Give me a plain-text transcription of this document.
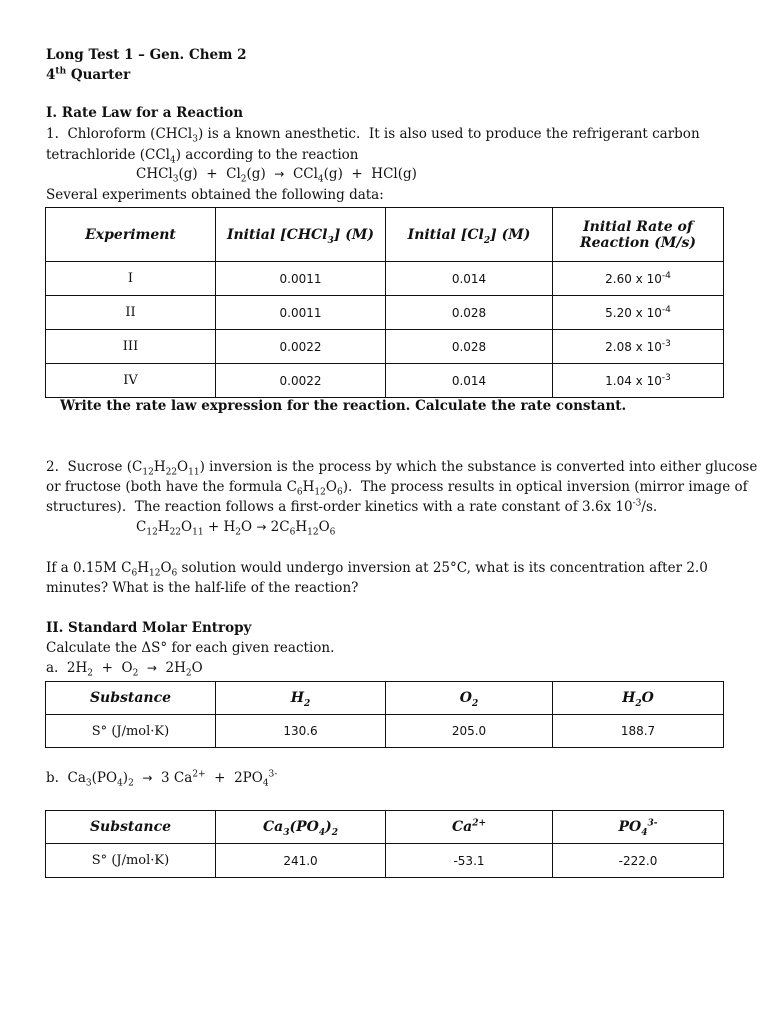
Long Test 1 – Gen. Chem 2
4th Quarter
I. Rate Law for a Reaction
1.  Chloroform (CHCl$_3$) is a known anesthetic.  It is also used to produce the refrigerant carbon
tetrachloride (CCl$_4$) according to the reaction
CHCl$_3$(g)  +  $Cl_2(g) \to CCl_4(g) + HCl(g)$
Several experiments obtained the following data:
Experiment	Initial [CHCl$_3$] (M)	Initial $[Cl_2]$ (M)	Initial Rate of
Reaction (M/s)
I	0.0011	0.014	2.60 x $10^{-4}$
II	0.0011	0.028	5.20 x $10^{-4}$
III	0.0022	0.028	2.08 x $10^{-3}$
IV	0.0022	0.014	1.04 x $10^{-3}$
Write the rate law expression for the reaction. Calculate the rate constant.
2.  Sucrose $(C_{12}H_{22}O_{11})$ inversion is the process by which the substance is converted into either glucose
or fructose (both have the formula $C_6H_{12}O_6$).  The process results in optical inversion (mirror image of
structures).  The reaction follows a first-order kinetics with a rate constant of 3.6x $10^{-3}/s$.
$C_{12}H_{22}O_{11} + H_2O \to 2C_6H_{12}O_6$
If a 0.15M $C_6H_{12}O_6$ solution would undergo inversion at 25°C, what is its concentration after 2.0
minutes? What is the half-life of the reaction?
II. Standard Molar Entropy
Calculate the ΔS° for each given reaction.
a.  $2H_2 + O_2 \to 2H_2O$
Substance	$H_2$	$O_2$	$H_2O$
S° (J/mol·K)	130.6	205.0	188.7
b.  $Ca_3(PO_4)_2 \to 3$ $Ca^{2+} + 2PO_4^{3-}$
Substance	$Ca_3(PO_4)_2$	$Ca^{2+}$	$PO_4^{3-}$
S° (J/mol·K)	241.0	-53.1	-222.0
